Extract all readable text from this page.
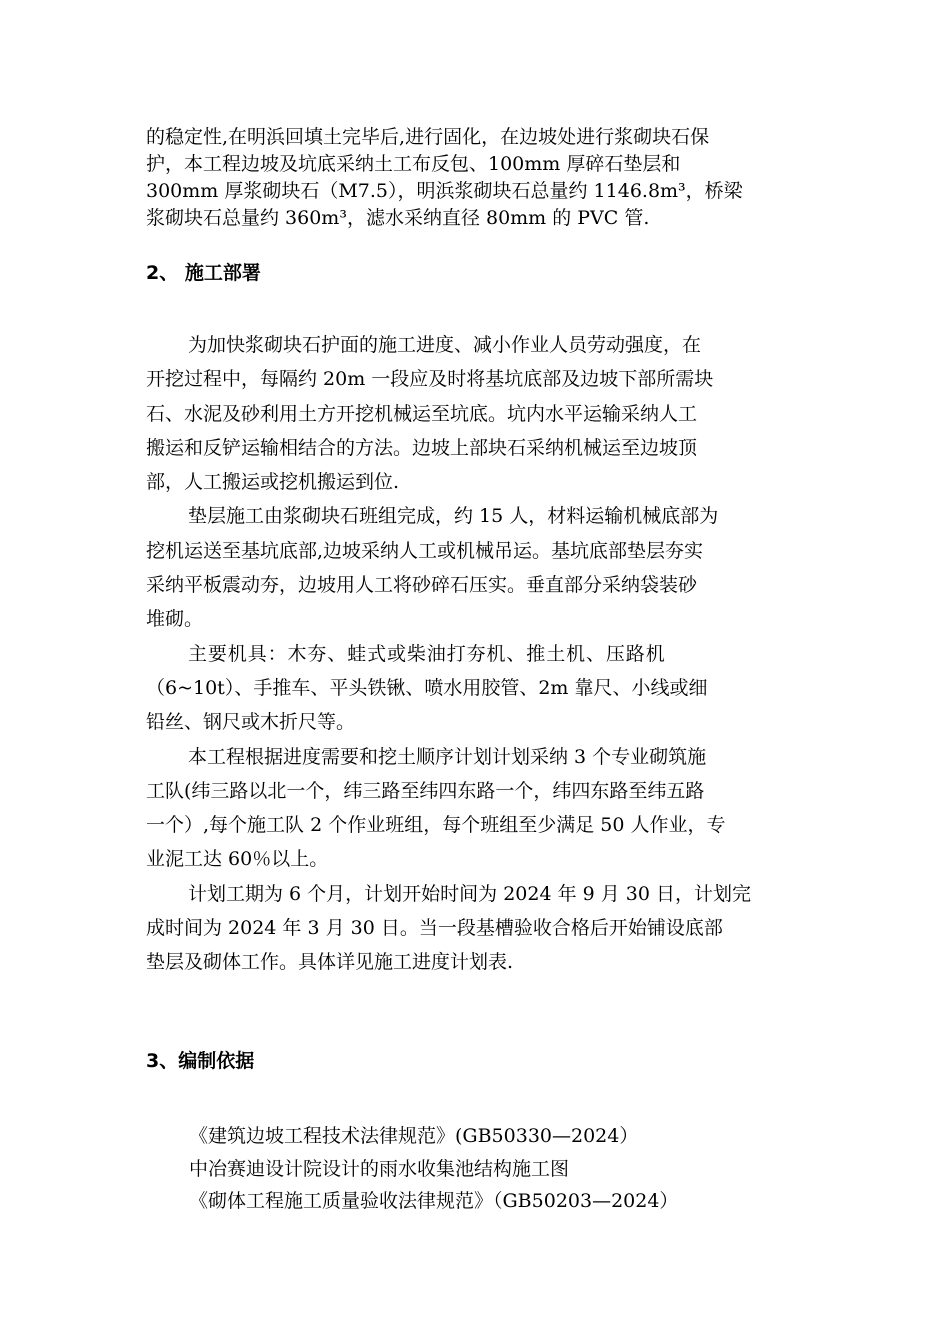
的稳定性,在明浜回填土完毕后,进行固化，在边坡处进行浆砌块石保
护，本工程边坡及坑底采纳土工布反包、100mm 厚碎石垫层和
300mm 厚浆砌块石（M7.5），明浜浆砌块石总量约 1146.8m³，桥梁
浆砌块石总量约 360m³，滤水采纳直径 80mm 的 PVC 管.
2、 施工部署
为加快浆砌块石护面的施工进度、减小作业人员劳动强度，在
开挖过程中，每隔约 20m 一段应及时将基坑底部及边坡下部所需块
石、水泥及砂利用土方开挖机械运至坑底。坑内水平运输采纳人工
搬运和反铲运输相结合的方法。边坡上部块石采纳机械运至边坡顶
部，人工搬运或挖机搬运到位.
垫层施工由浆砌块石班组完成，约 15 人，材料运输机械底部为
挖机运送至基坑底部,边坡采纳人工或机械吊运。基坑底部垫层夯实
采纳平板震动夯，边坡用人工将砂碎石压实。垂直部分采纳袋装砂
堆砌。
主要机具：木夯、蛙式或柴油打夯机、推土机、压路机
（6~10t）、手推车、平头铁锹、喷水用胶管、2m 靠尺、小线或细
铅丝、钢尺或木折尺等。
本工程根据进度需要和挖土顺序计划计划采纳 3 个专业砌筑施
工队(纬三路以北一个，纬三路至纬四东路一个，纬四东路至纬五路
一个）,每个施工队 2 个作业班组，每个班组至少满足 50 人作业，专
业泥工达 60％以上。
计划工期为 6 个月，计划开始时间为 2024 年 9 月 30 日，计划完
成时间为 2024 年 3 月 30 日。当一段基槽验收合格后开始铺设底部
垫层及砌体工作。具体详见施工进度计划表.
3、编制依据
《建筑边坡工程技术法律规范》(GB50330—2024）
中冶赛迪设计院设计的雨水收集池结构施工图
《砌体工程施工质量验收法律规范》（GB50203—2024）
